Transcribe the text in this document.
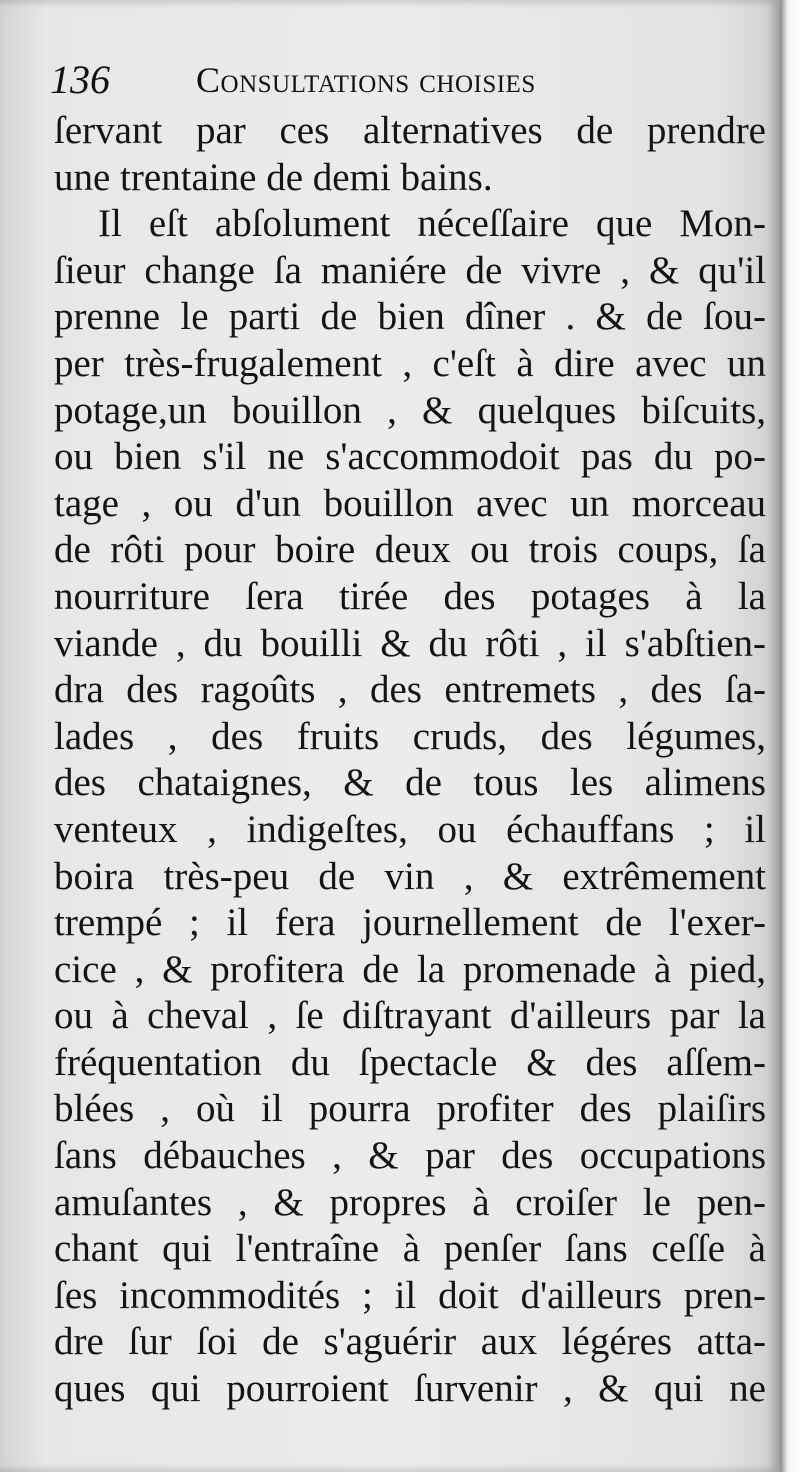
136 Consultations choisies
ſervant par ces alternatives de prendre
une trentaine de demi bains.
Il eſt abſolument néceſſaire que Mon-
ſieur change ſa maniére de vivre , & qu'il
prenne le parti de bien dîner . & de ſou-
per très-frugalement , c'eſt à dire avec un
potage,un bouillon , & quelques biſcuits,
ou bien s'il ne s'accommodoit pas du po-
tage , ou d'un bouillon avec un morceau
de rôti pour boire deux ou trois coups, ſa
nourriture ſera tirée des potages à la
viande , du bouilli & du rôti , il s'abſtien-
dra des ragoûts , des entremets , des ſa-
lades , des fruits cruds, des légumes,
des chataignes, & de tous les alimens
venteux , indigeſtes, ou échauffans ; il
boira très-peu de vin , & extrêmement
trempé ; il fera journellement de l'exer-
cice , & profitera de la promenade à pied,
ou à cheval , ſe diſtrayant d'ailleurs par la
fréquentation du ſpectacle & des aſſem-
blées , où il pourra profiter des plaiſirs
ſans débauches , & par des occupations
amuſantes , & propres à croiſer le pen-
chant qui l'entraîne à penſer ſans ceſſe à
ſes incommodités ; il doit d'ailleurs pren-
dre ſur ſoi de s'aguérir aux légéres atta-
ques qui pourroient ſurvenir , & qui ne
